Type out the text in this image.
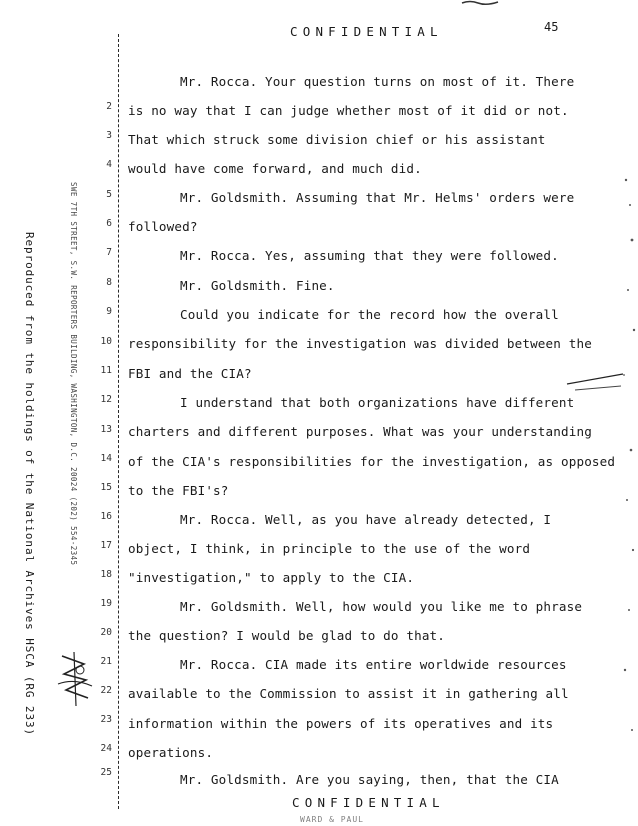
CONFIDENTIAL	45
Reproduced from the holdings of the National Archives HSCA (RG 233)	SWE 7TH STREET, S.W. REPORTERS BUILDING, WASHINGTON, D.C. 20024 (202) 554-2345
2
3
4
5
6
7
8
9
10
11
12
13
14
15
16
17
18
19
20
21
22
23
24
25
Mr. Rocca. Your question turns on most of it. There
is no way that I can judge whether most of it did or not.
That which struck some division chief or his assistant
would have come forward, and much did.
Mr. Goldsmith. Assuming that Mr. Helms' orders were
followed?
Mr. Rocca. Yes, assuming that they were followed.
Mr. Goldsmith. Fine.
Could you indicate for the record how the overall
responsibility for the investigation was divided between the
FBI and the CIA?
I understand that both organizations have different
charters and different purposes. What was your understanding
of the CIA's responsibilities for the investigation, as opposed
to the FBI's?
Mr. Rocca. Well, as you have already detected, I
object, I think, in principle to the use of the word
"investigation," to apply to the CIA.
Mr. Goldsmith. Well, how would you like me to phrase
the question? I would be glad to do that.
Mr. Rocca. CIA made its entire worldwide resources
available to the Commission to assist it in gathering all
information within the powers of its operatives and its
operations.
Mr. Goldsmith. Are you saying, then, that the CIA
CONFIDENTIAL
WARD & PAUL
